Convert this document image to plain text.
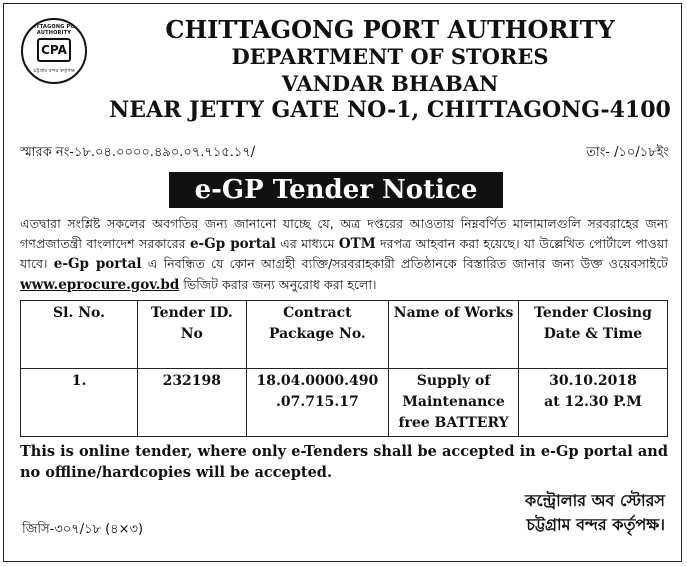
CHITTAGONG PORT AUTHORITY
CPA
চট্টগ্রাম বন্দর কর্তৃপক্ষ
CHITTAGONG PORT AUTHORITY
DEPARTMENT OF STORES
VANDAR BHABAN
NEAR JETTY GATE NO-1, CHITTAGONG-4100
স্মারক নং-১৮.০৪.০০০০.৪৯০.০৭.৭১৫.১৭/	তাং- /১০/১৮ইং
e-GP Tender Notice
এতদ্বারা সংশ্লিষ্ট সকলের অবগতির জন্য জানানো যাচ্ছে যে, অত্র দপ্তরের আওতায় নিম্নবর্ণিত মালামালগুলি সরবরাহের জন্য গণপ্রজাতন্ত্রী বাংলাদেশ সরকারের e-Gp portal এর মাধ্যমে OTM দরপত্র আহবান করা হয়েছে। যা উল্লেখিত পোর্টালে পাওয়া যাবে। e-Gp portal এ নিবন্ধিত যে কোন আগ্রহী ব্যক্তি/সরবরাহকারী প্রতিষ্ঠানকে বিস্তারিত জানার জন্য উক্ত ওয়েবসাইটে www.eprocure.gov.bd ভিজিট করার জন্য অনুরোধ করা হলো।
Sl. No.	Tender ID. No	Contract Package No.	Name of Works	Tender Closing Date & Time
1.	232198	18.04.0000.490 .07.715.17	Supply of Maintenance free BATTERY	30.10.2018
at 12.30 P.M
This is online tender, where only e-Tenders shall be accepted in e-Gp portal and no offline/hardcopies will be accepted.
কন্ট্রোলার অব স্টোরস
চট্টগ্রাম বন্দর কর্তৃপক্ষ।
জিসি-৩০৭/১৮ (৪×৩)
